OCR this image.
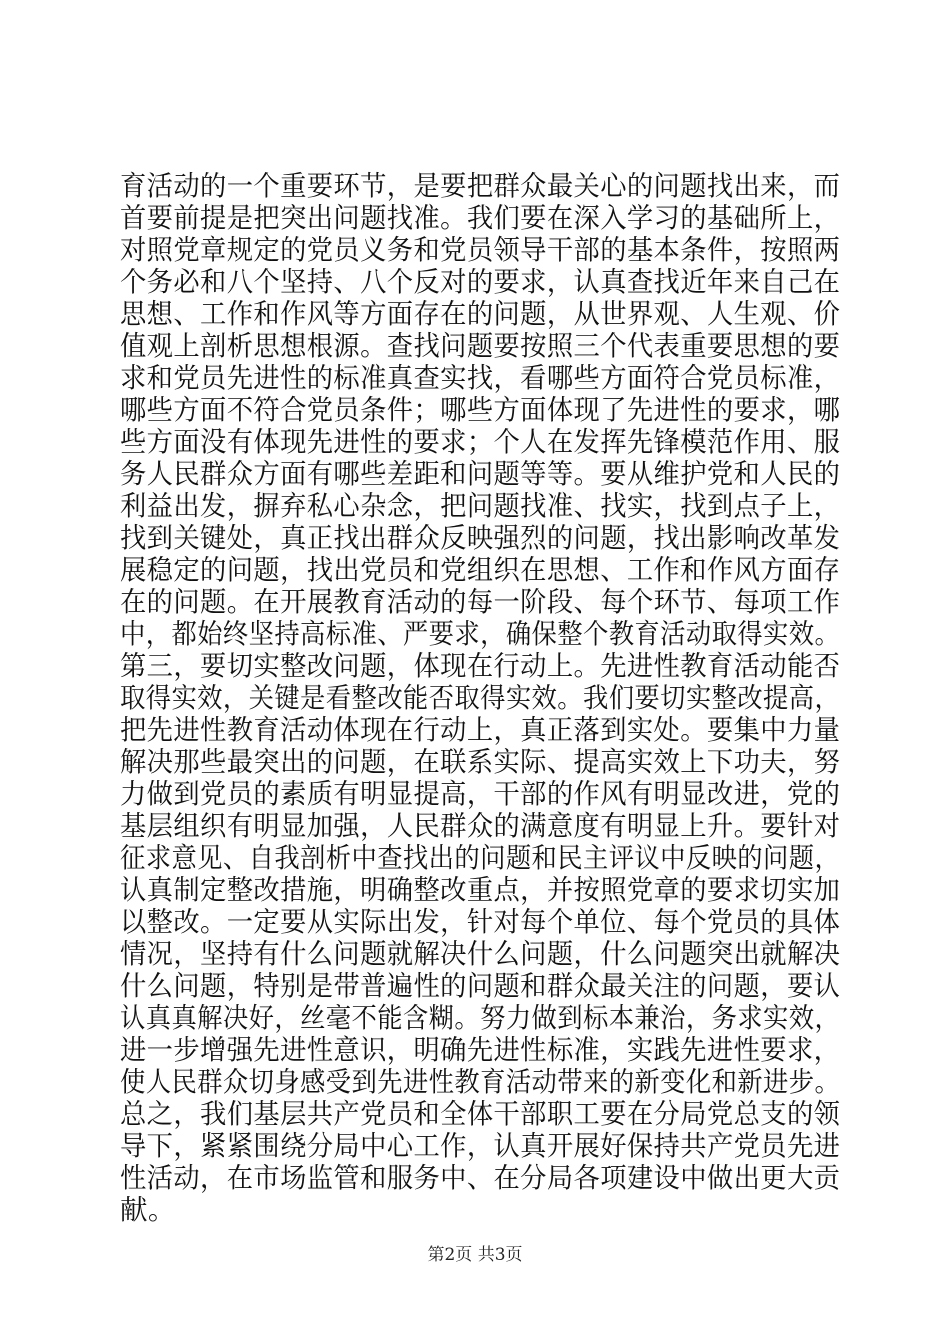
育活动的一个重要环节，是要把群众最关心的问题找出来，而
首要前提是把突出问题找准。我们要在深入学习的基础所上，
对照党章规定的党员义务和党员领导干部的基本条件，按照两
个务必和八个坚持、八个反对的要求，认真查找近年来自己在
思想、工作和作风等方面存在的问题，从世界观、人生观、价
值观上剖析思想根源。查找问题要按照三个代表重要思想的要
求和党员先进性的标准真查实找，看哪些方面符合党员标准，
哪些方面不符合党员条件；哪些方面体现了先进性的要求，哪
些方面没有体现先进性的要求；个人在发挥先锋模范作用、服
务人民群众方面有哪些差距和问题等等。要从维护党和人民的
利益出发，摒弃私心杂念，把问题找准、找实，找到点子上，
找到关键处，真正找出群众反映强烈的问题，找出影响改革发
展稳定的问题，找出党员和党组织在思想、工作和作风方面存
在的问题。在开展教育活动的每一阶段、每个环节、每项工作
中，都始终坚持高标准、严要求，确保整个教育活动取得实效。
第三，要切实整改问题，体现在行动上。先进性教育活动能否
取得实效，关键是看整改能否取得实效。我们要切实整改提高，
把先进性教育活动体现在行动上，真正落到实处。要集中力量
解决那些最突出的问题，在联系实际、提高实效上下功夫，努
力做到党员的素质有明显提高，干部的作风有明显改进，党的
基层组织有明显加强，人民群众的满意度有明显上升。要针对
征求意见、自我剖析中查找出的问题和民主评议中反映的问题，
认真制定整改措施，明确整改重点，并按照党章的要求切实加
以整改。一定要从实际出发，针对每个单位、每个党员的具体
情况，坚持有什么问题就解决什么问题，什么问题突出就解决
什么问题，特别是带普遍性的问题和群众最关注的问题，要认
认真真解决好，丝毫不能含糊。努力做到标本兼治，务求实效，
进一步增强先进性意识，明确先进性标准，实践先进性要求，
使人民群众切身感受到先进性教育活动带来的新变化和新进步。
总之，我们基层共产党员和全体干部职工要在分局党总支的领
导下，紧紧围绕分局中心工作，认真开展好保持共产党员先进
性活动，在市场监管和服务中、在分局各项建设中做出更大贡
献。
第2页 共3页
